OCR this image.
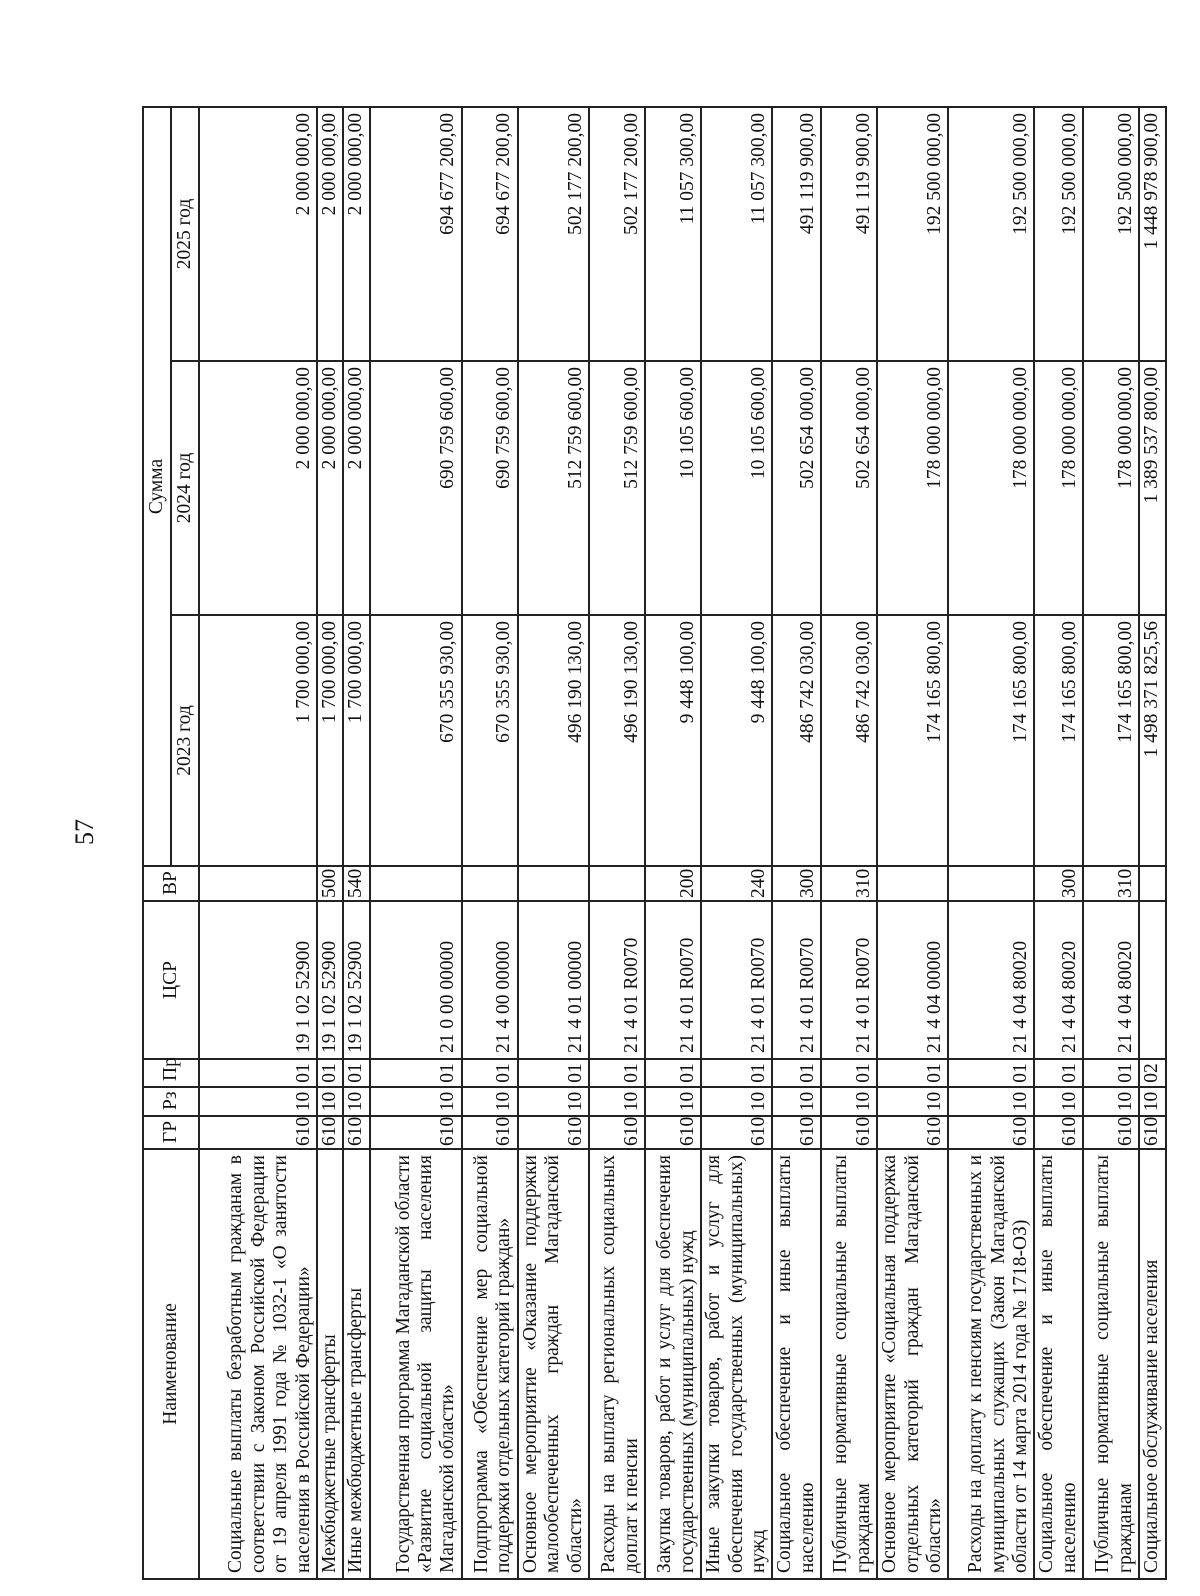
57
Наименование	ГР	Рз	Пр	ЦСР	ВР	Сумма		
						2023 год	2024 год	2025 год
Социальные выплаты безработным гражданам в соответствии с Законом Российской Федерации от 19 апреля 1991 года № 1032-1 «О занятости населения в Российской Федерации»	610	10	01	19 1 02 52900		1 700 000,00	2 000 000,00	2 000 000,00
Межбюджетные трансферты	610	10	01	19 1 02 52900	500	1 700 000,00	2 000 000,00	2 000 000,00
Иные межбюджетные трансферты	610	10	01	19 1 02 52900	540	1 700 000,00	2 000 000,00	2 000 000,00
Государственная программа Магаданской области «Развитие социальной защиты населения Магаданской области»	610	10	01	21 0 00 00000		670 355 930,00	690 759 600,00	694 677 200,00
Подпрограмма «Обеспечение мер социальной поддержки отдельных категорий граждан»	610	10	01	21 4 00 00000		670 355 930,00	690 759 600,00	694 677 200,00
Основное мероприятие «Оказание поддержки малообеспеченных граждан Магаданской области»	610	10	01	21 4 01 00000		496 190 130,00	512 759 600,00	502 177 200,00
Расходы на выплату региональных социальных доплат к пенсии	610	10	01	21 4 01 R0070		496 190 130,00	512 759 600,00	502 177 200,00
Закупка товаров, работ и услуг для обеспечения государственных (муниципальных) нужд	610	10	01	21 4 01 R0070	200	9 448 100,00	10 105 600,00	11 057 300,00
Иные закупки товаров, работ и услуг для обеспечения государственных (муниципальных) нужд	610	10	01	21 4 01 R0070	240	9 448 100,00	10 105 600,00	11 057 300,00
Социальное обеспечение и иные выплаты населению	610	10	01	21 4 01 R0070	300	486 742 030,00	502 654 000,00	491 119 900,00
Публичные нормативные социальные выплаты гражданам	610	10	01	21 4 01 R0070	310	486 742 030,00	502 654 000,00	491 119 900,00
Основное мероприятие «Социальная поддержка отдельных категорий граждан Магаданской области»	610	10	01	21 4 04 00000		174 165 800,00	178 000 000,00	192 500 000,00
Расходы на доплату к пенсиям государственных и муниципальных служащих (Закон Магаданской области от 14 марта 2014 года № 1718-ОЗ)	610	10	01	21 4 04 80020		174 165 800,00	178 000 000,00	192 500 000,00
Социальное обеспечение и иные выплаты населению	610	10	01	21 4 04 80020	300	174 165 800,00	178 000 000,00	192 500 000,00
Публичные нормативные социальные выплаты гражданам	610	10	01	21 4 04 80020	310	174 165 800,00	178 000 000,00	192 500 000,00
Социальное обслуживание населения	610	10	02			1 498 371 825,56	1 389 537 800,00	1 448 978 900,00
